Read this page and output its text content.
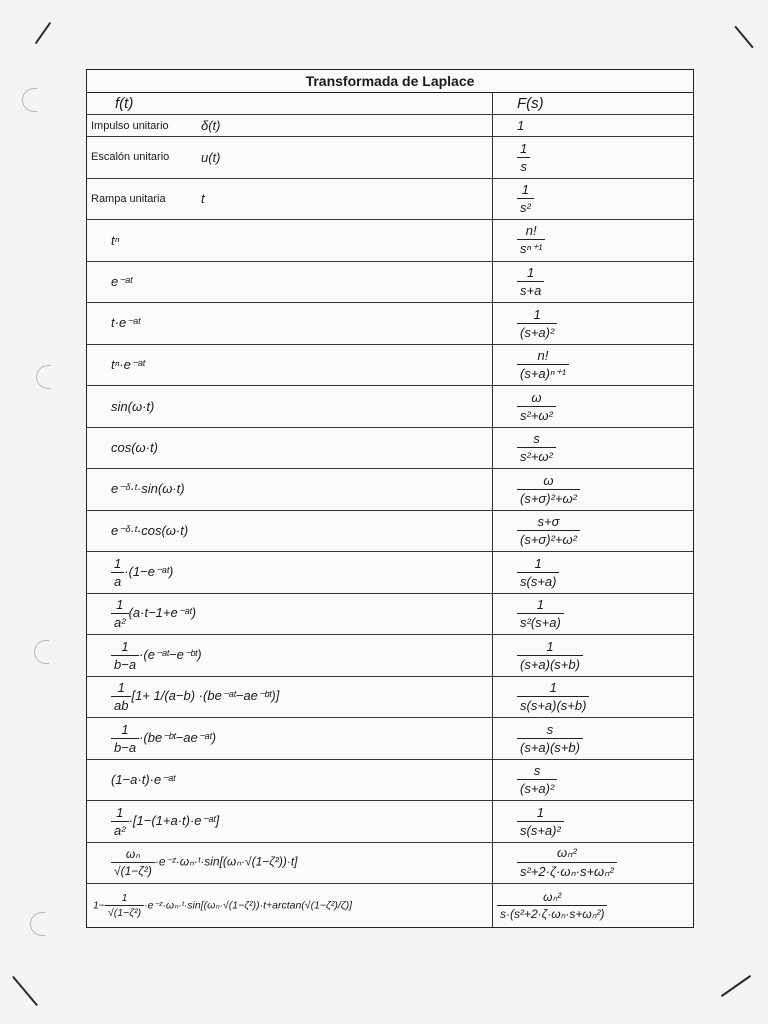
Transformada de Laplace
f(t)	F(s)
Impulso unitario	δ(t)	1
Escalón unitario	u(t)	$\frac{1}{s}$
Rampa unitaria	t	$\frac{1}{\text{s²}}$
tⁿ	$\frac{n!}{\text{sⁿ⁺¹}}$
e⁻ᵃᵗ	$\frac{1}{s+a}$
t·e⁻ᵃᵗ	$\frac{1}{\text{(s+a)²}}$
tⁿ·e⁻ᵃᵗ	$\frac{n!}{\text{(s+a)ⁿ⁺¹}}$
sin(ω·t)	$\frac{\omega}{\text{s²+ω²}}$
cos(ω·t)	$\frac{s}{\text{s²+ω²}}$
e⁻ᵟ·ᵗ·sin(ω·t)	$\frac{\omega}{\text{(s+σ)²+ω²}}$
e⁻ᵟ·ᵗ·cos(ω·t)	$\frac{s+\sigma}{\text{(s+σ)²+ω²}}$
$\frac{1}{a}$ ·(1−e⁻ᵃᵗ)	$\frac{1}{s(s+a)}$
$\frac{1}{\text{a²}}$ (a·t−1+e⁻ᵃᵗ)	$\frac{1}{\text{s²(s+a)}}$
$\frac{1}{b-a}$ ·(e⁻ᵃᵗ−e⁻ᵇᵗ)	$\frac{1}{(s+a)(s+b)}$
$\frac{1}{ab} [1+ 1/(a-b)$ ·(be⁻ᵃᵗ−ae⁻ᵇᵗ)]	$\frac{1}{s(s+a)(s+b)}$
$\frac{1}{b-a}$ ·(be⁻ᵇᵗ−ae⁻ᵃᵗ)	$\frac{s}{(s+a)(s+b)}$
(1−a·t)·e⁻ᵃᵗ	$\frac{s}{\text{(s+a)²}}$
$\frac{1}{\text{a²}}$ ·[1−(1+a·t)·e⁻ᵃᵗ]	$\frac{1}{\text{s(s+a)²}}$
$\frac{\text{ωₙ}}{\text{√(1−ζ²)}}$ ·e⁻ᶻ·ωₙ·ᵗ·sin[(ωₙ·√(1−ζ²))·t]	$\frac{\text{ωₙ²}}{\text{s²+2·ζ·ωₙ·s+ωₙ²}}$
$1- \frac{1}{\text{√(1−ζ²)}}$ ·e⁻ᶻ·ωₙ·ᵗ·sin[(ωₙ·√(1−ζ²))·t+arctan(√(1−ζ²)/ζ)]	$\frac{\text{ωₙ²}}{\text{s·(s²+2·ζ·ωₙ·s+ωₙ²)}}$
